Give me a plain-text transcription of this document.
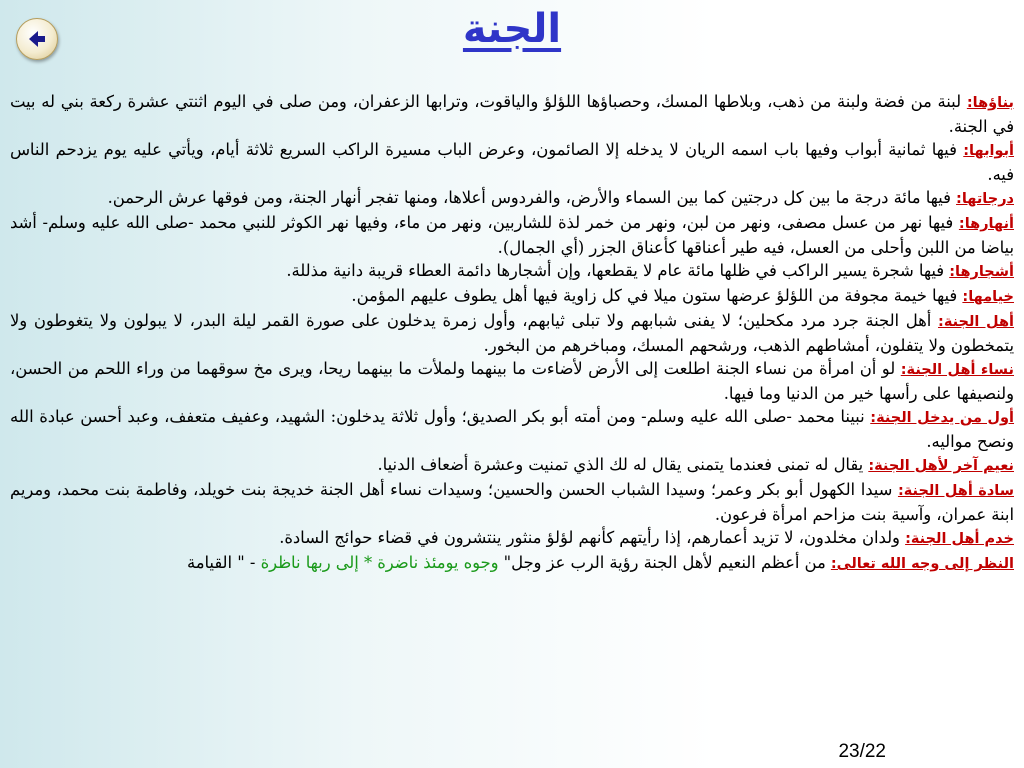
الجنة

بناؤها: لبنة من فضة ولبنة من ذهب، وبلاطها المسك، وحصباؤها اللؤلؤ والياقوت، وترابها الزعفران، ومن صلى في اليوم اثنتي عشرة ركعة بني له بيت في الجنة.

أبوابها: فيها ثمانية أبواب وفيها باب اسمه الريان لا يدخله إلا الصائمون، وعرض الباب مسيرة الراكب السريع ثلاثة أيام، ويأتي عليه يوم يزدحم الناس فيه.

درجاتها: فيها مائة درجة ما بين كل درجتين كما بين السماء والأرض، والفردوس أعلاها، ومنها تفجر أنهار الجنة، ومن فوقها عرش الرحمن.

أنهارها: فيها نهر من عسل مصفى، ونهر من لبن، ونهر من خمر لذة للشاربين، ونهر من ماء، وفيها نهر الكوثر للنبي محمد -صلى الله عليه وسلم- أشد بياضا من اللبن وأحلى من العسل، فيه طير أعناقها كأعناق الجزر (أي الجمال).

أشجارها: فيها شجرة يسير الراكب في ظلها مائة عام لا يقطعها، وإن أشجارها دائمة العطاء قريبة دانية مذللة.

خيامها: فيها خيمة مجوفة من اللؤلؤ عرضها ستون ميلا في كل زاوية فيها أهل يطوف عليهم المؤمن.

أهل الجنة: أهل الجنة جرد مرد مكحلين؛ لا يفنى شبابهم ولا تبلى ثيابهم، وأول زمرة يدخلون على صورة القمر ليلة البدر، لا يبولون ولا يتغوطون ولا يتمخطون ولا يتفلون، أمشاطهم الذهب، ورشحهم المسك، ومباخرهم من البخور.

نساء أهل الجنة: لو أن امرأة من نساء الجنة اطلعت إلى الأرض لأضاءت ما بينهما ولملأت ما بينهما ريحا، ويرى مخ سوقهما من وراء اللحم من الحسن، ولنصيفها على رأسها خير من الدنيا وما فيها.

أول من يدخل الجنة: نبينا محمد -صلى الله عليه وسلم- ومن أمته أبو بكر الصديق؛ وأول ثلاثة يدخلون: الشهيد، وعفيف متعفف، وعبد أحسن عبادة الله ونصح مواليه.

نعيم آخر لأهل الجنة: يقال له تمنى فعندما يتمنى يقال له لك الذي تمنيت وعشرة أضعاف الدنيا.

سادة أهل الجنة: سيدا الكهول أبو بكر وعمر؛ وسيدا الشباب الحسن والحسين؛ وسيدات نساء أهل الجنة خديجة بنت خويلد، وفاطمة بنت محمد، ومريم ابنة عمران، وآسية بنت مزاحم امرأة فرعون.

خدم أهل الجنة: ولدان مخلدون، لا تزيد أعمارهم، إذا رأيتهم كأنهم لؤلؤ منثور ينتشرون في قضاء حوائج السادة.

النظر إلى وجه الله تعالى: من أعظم النعيم لأهل الجنة رؤية الرب عز وجل" وجوه يومئذ ناضرة * إلى ربها ناظرة - " القيامة

23/22
